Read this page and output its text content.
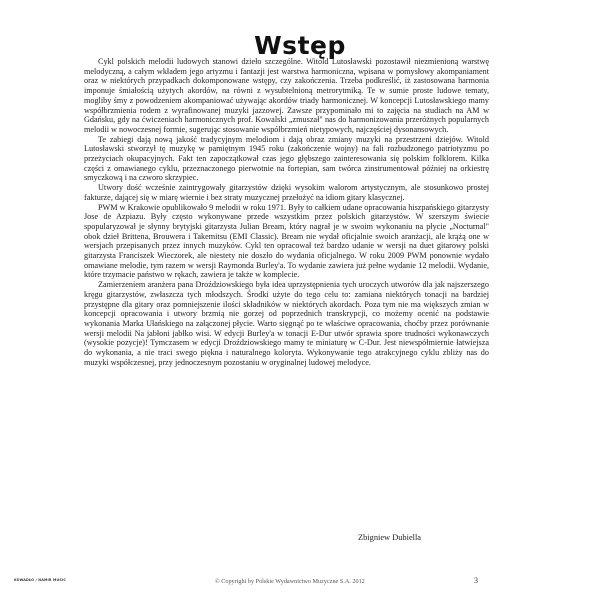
Wstęp

Cykl polskich melodii ludowych stanowi dzieło szczególne. Witold Lutosławski pozostawił niezmienioną warstwę melodyczną, a całym wkładem jego artyzmu i fantazji jest warstwa harmoniczna, wpisana w pomysłowy akompaniament oraz w niektórych przypadkach dokomponowane wstępy, czy zakończenia. Trzeba podkreślić, iż zastosowana harmonia imponuje śmiałością użytych akordów, na równi z wysubtelnioną metrorytmiką. Te w sumie proste ludowe tematy, mogliby śmy z powodzeniem akompaniować używając akordów triady harmonicznej. W koncepcji Lutosławskiego mamy współbrzmienia rodem z wyrafinowanej muzyki jazzowej. Zawsze przypominało mi to zajęcia na studiach na AM w Gdańsku, gdy na ćwiczeniach harmonicznych prof. Kowalski „zmuszał" nas do harmonizowania przeróżnych popularnych melodii w nowoczesnej formie, sugerując stosowanie współbrzmień nietypowych, najczęściej dysonansowych.

Te zabiegi dają nową jakość tradycyjnym melodiom i dają obraz zmiany muzyki na przestrzeni dziejów. Witold Lutosławski stworzył tę muzykę w pamiętnym 1945 roku (zakończenie wojny) na fali rozbudzonego patriotyzmu po przeżyciach okupacyjnych. Fakt ten zapoczątkował czas jego głębszego zainteresowania się polskim folklorem. Kilka części z omawianego cyklu, przeznaczonego pierwotnie na fortepian, sam twórca zinstrumentował później na orkiestrę smyczkową i na czworo skrzypiec.

Utwory dość wcześnie zaintrygowały gitarzystów dzięki wysokim walorom artystycznym, ale stosunkowo prostej fakturze, dającej się w miarę wiernie i bez straty muzycznej przełożyć na idiom gitary klasycznej.

PWM w Krakowie opublikowało 9 melodii w roku 1971. Były to całkiem udane opracowania hiszpańskiego gitarzysty Jose de Azpiazu. Były często wykonywane przede wszystkim przez polskich gitarzystów. W szerszym świecie spopularyzował je słynny brytyjski gitarzysta Julian Bream, który nagrał je w swoim wykonaniu na płycie „Nocturnal" obok dzieł Brittena, Brouwera i Takemitsu (EMI Classic). Bream nie wydał oficjalnie swoich aranżacji, ale krążą one w wersjach przepisanych przez innych muzyków. Cykl ten opracował też bardzo udanie w wersji na duet gitarowy polski gitarzysta Franciszek Wieczorek, ale niestety nie doszło do wydania oficjalnego. W roku 2009 PWM ponownie wydało omawiane melodie, tym razem w wersji Raymonda Burley'a. To wydanie zawiera już pełne wydanie 12 melodii. Wydanie, które trzymacie państwo w rękach, zawiera je także w komplecie.

Zamierzeniem aranżera pana Droździowskiego była idea uprzystępnienia tych uroczych utworów dla jak najszerszego kręgu gitarzystów, zwłaszcza tych młodszych. Środki użyte do tego celu to: zamiana niektórych tonacji na bardziej przystępne dla gitary oraz pomniejszenie ilości składników w niektórych akordach. Poza tym nie ma większych zmian w koncepcji opracowania i utwory brzmią nie gorzej od poprzednich transkrypcji, co możemy ocenić na podstawie wykonania Marka Ułańskiego na załączonej płycie. Warto sięgnąć po te właściwe opracowania, choćby przez porównanie wersji melodii Na jabłoni jabłko wisi. W edycji Burley'a w tonacji E-Dur utwór sprawia spore trudności wykonawczych (wysokie pozycje)! Tymczasem w edycji Droździowskiego mamy te miniaturę w C-Dur. Jest niewspółmiernie łatwiejsza do wykonania, a nie traci swego piękna i naturalnego koloryta. Wykonywanie tego atrakcyjnego cyklu zbliży nas do muzyki współczesnej, przy jednoczesnym pozostaniu w oryginalnej ludowej melodyce.

Zbigniew Dubiella
KOWADŁO / NAMIR MUSIC	© Copyright by Polskie Wydawnictwo Muzyczne S.A. 2012	3
